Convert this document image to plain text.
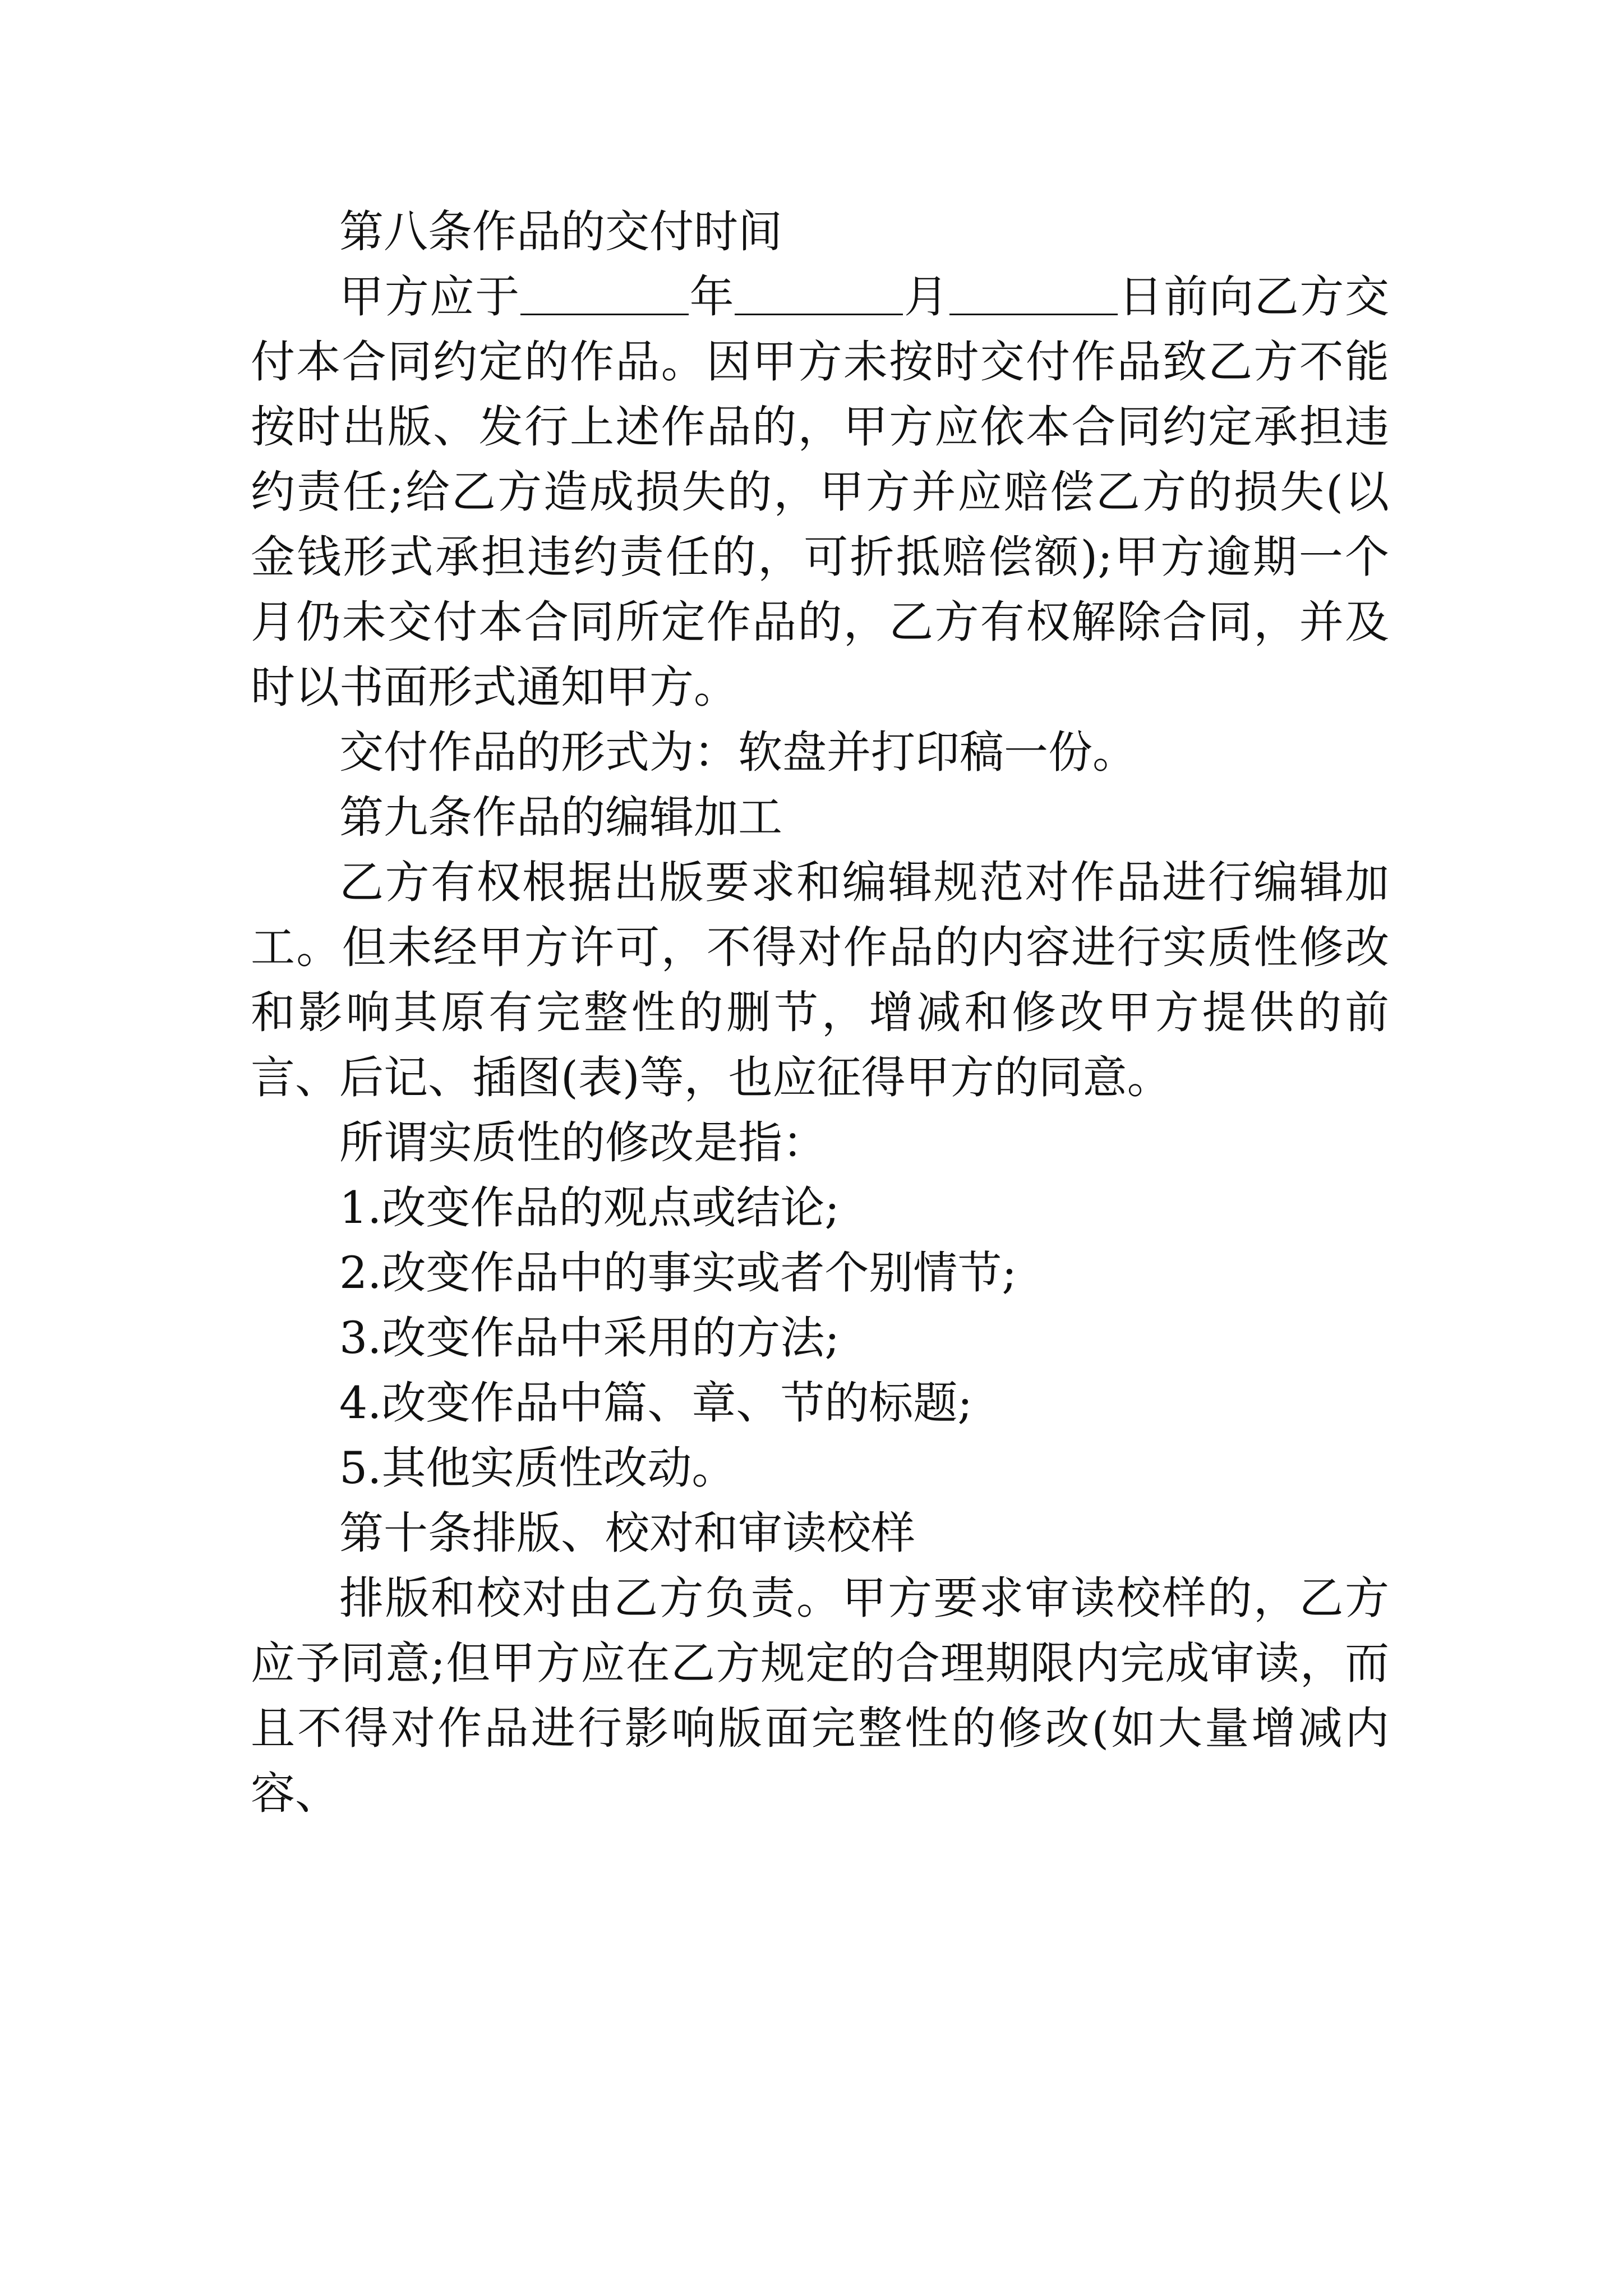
第八条作品的交付时间

甲方应于	年	月	日前向乙方交付本合同约定的作品。因甲方未按时交付作品致乙方不能按时出版、发行上述作品的，甲方应依本合同约定承担违约责任;给乙方造成损失的，甲方并应赔偿乙方的损失(以金钱形式承担违约责任的，可折抵赔偿额);甲方逾期一个月仍未交付本合同所定作品的，乙方有权解除合同，并及时以书面形式通知甲方。

交付作品的形式为：软盘并打印稿一份。

第九条作品的编辑加工

乙方有权根据出版要求和编辑规范对作品进行编辑加工。但未经甲方许可，不得对作品的内容进行实质性修改和影响其原有完整性的删节，增减和修改甲方提供的前言、后记、插图(表)等，也应征得甲方的同意。

所谓实质性的修改是指：

1.改变作品的观点或结论;

2.改变作品中的事实或者个别情节;

3.改变作品中采用的方法;

4.改变作品中篇、章、节的标题;

5.其他实质性改动。

第十条排版、校对和审读校样

排版和校对由乙方负责。甲方要求审读校样的，乙方应予同意;但甲方应在乙方规定的合理期限内完成审读，而且不得对作品进行影响版面完整性的修改(如大量增减内容、
